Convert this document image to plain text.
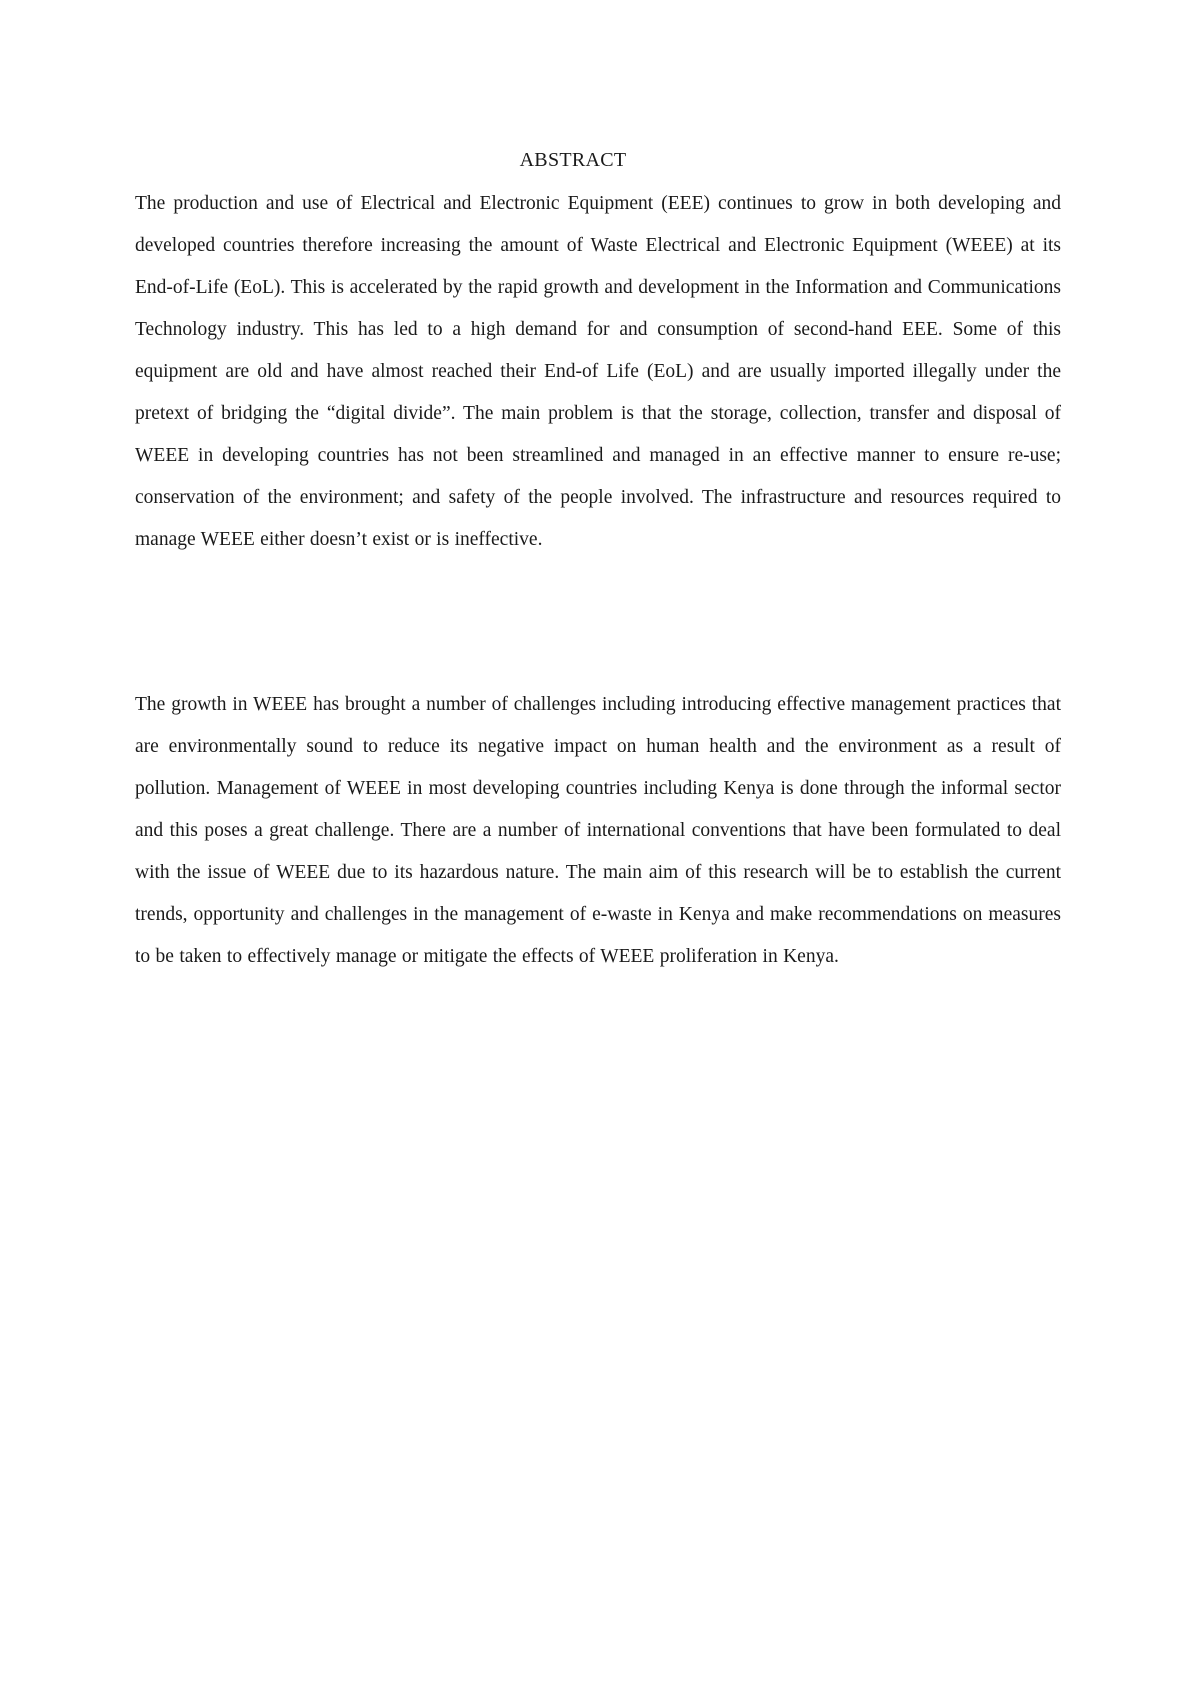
ABSTRACT

The production and use of Electrical and Electronic Equipment (EEE) continues to grow in both developing and developed countries therefore increasing the amount of Waste Electrical and Electronic Equipment (WEEE) at its End-of-Life (EoL). This is accelerated by the rapid growth and development in the Information and Communications Technology industry. This has led to a high demand for and consumption of second-hand EEE. Some of this equipment are old and have almost reached their End-of Life (EoL) and are usually imported illegally under the pretext of bridging the “digital divide”. The main problem is that the storage, collection, transfer and disposal of WEEE in developing countries has not been streamlined and managed in an effective manner to ensure re-use; conservation of the environment; and safety of the people involved. The infrastructure and resources required to manage WEEE either doesn’t exist or is ineffective.

The growth in WEEE has brought a number of challenges including introducing effective management practices that are environmentally sound to reduce its negative impact on human health and the environment as a result of pollution. Management of WEEE in most developing countries including Kenya is done through the informal sector and this poses a great challenge. There are a number of international conventions that have been formulated to deal with the issue of WEEE due to its hazardous nature. The main aim of this research will be to establish the current trends, opportunity and challenges in the management of e-waste in Kenya and make recommendations on measures to be taken to effectively manage or mitigate the effects of WEEE proliferation in Kenya.
